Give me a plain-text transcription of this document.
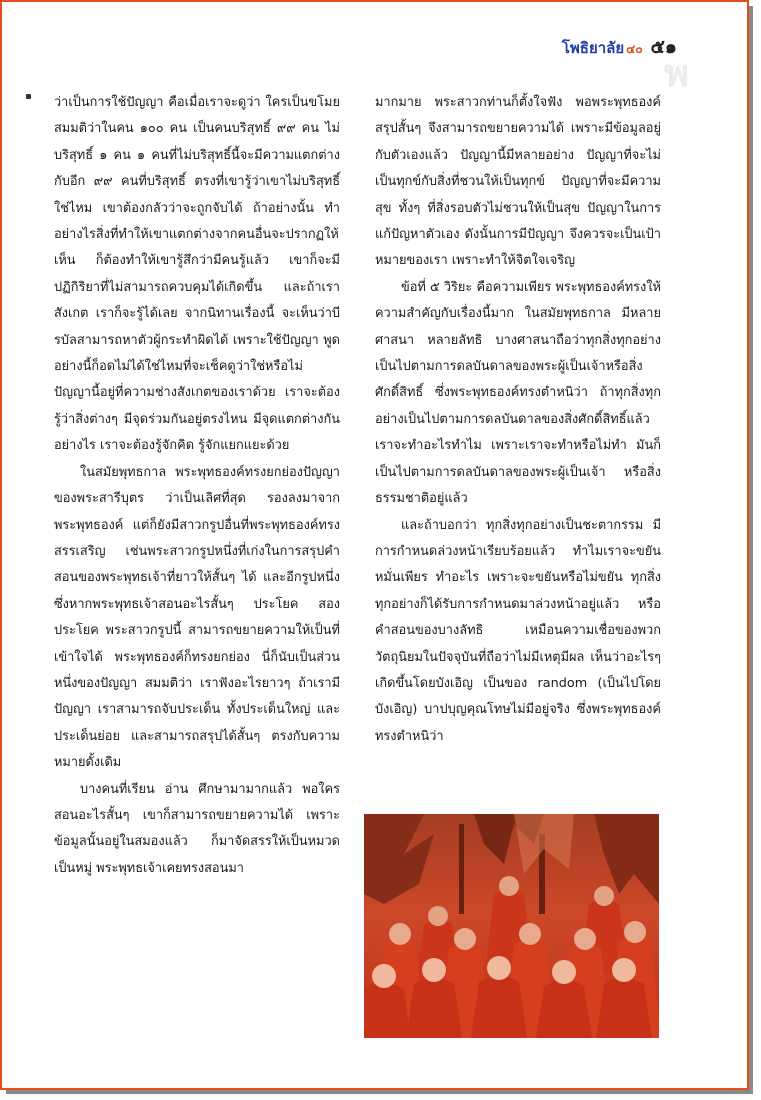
พ
โพธิยาลัย ๔๐ ๕๑

ว่าเป็นการใช้ปัญญา คือเมื่อเราจะดูว่า ใครเป็นขโมย สมมติว่าในคน ๑๐๐ คน เป็นคนบริสุทธิ์ ๙๙ คน ไม่บริสุทธิ์ ๑ คน ๑ คนที่ไม่บริสุทธิ์นี้จะมีความแตกต่างกับอีก ๙๙ คนที่บริสุทธิ์ ตรงที่เขารู้ว่าเขาไม่บริสุทธิ์ใช่ไหม เขาต้องกลัวว่าจะถูกจับได้ ถ้าอย่างนั้น ทำอย่างไรสิ่งที่ทำให้เขาแตกต่างจากคนอื่นจะปรากฏให้เห็น ก็ต้องทำให้เขารู้สึกว่ามีคนรู้แล้ว เขาก็จะมีปฏิกิริยาที่ไม่สามารถควบคุมได้เกิดขึ้น และถ้าเราสังเกต เราก็จะรู้ได้เลย จากนิทานเรื่องนี้ จะเห็นว่าบีรบัลสามารถหาตัวผู้กระทำผิดได้ เพราะใช้ปัญญา พูดอย่างนี้ก็อดไม่ได้ใช่ไหมที่จะเช็คดูว่าใช่หรือไม่ ปัญญานี้อยู่ที่ความช่างสังเกตของเราด้วย เราจะต้องรู้ว่าสิ่งต่างๆ มีจุดร่วมกันอยู่ตรงไหน มีจุดแตกต่างกันอย่างไร เราจะต้องรู้จักคิด รู้จักแยกแยะด้วย

ในสมัยพุทธกาล พระพุทธองค์ทรงยกย่องปัญญาของพระสารีบุตร ว่าเป็นเลิศที่สุด รองลงมาจากพระพุทธองค์ แต่ก็ยังมีสาวกรูปอื่นที่พระพุทธองค์ทรงสรรเสริญ เช่นพระสาวกรูปหนึ่งที่เก่งในการสรุปคำสอนของพระพุทธเจ้าที่ยาวให้สั้นๆ ได้ และอีกรูปหนึ่ง ซึ่งหากพระพุทธเจ้าสอนอะไรสั้นๆ ประโยค สองประโยค พระสาวกรูปนี้ สามารถขยายความให้เป็นที่เข้าใจได้ พระพุทธองค์ก็ทรงยกย่อง นี่ก็นับเป็นส่วนหนึ่งของปัญญา สมมติว่า เราฟังอะไรยาวๆ ถ้าเรามีปัญญา เราสามารถจับประเด็น ทั้งประเด็นใหญ่ และประเด็นย่อย และสามารถสรุปได้สั้นๆ ตรงกับความหมายดั้งเดิม

บางคนที่เรียน อ่าน ศึกษามามากแล้ว พอใครสอนอะไรสั้นๆ เขาก็สามารถขยายความได้ เพราะข้อมูลนั้นอยู่ในสมองแล้ว ก็มาจัดสรรให้เป็นหมวดเป็นหมู่ พระพุทธเจ้าเคยทรงสอนมา

มากมาย พระสาวกท่านก็ตั้งใจฟัง พอพระพุทธองค์สรุปสั้นๆ จึงสามารถขยายความได้ เพราะมีข้อมูลอยู่กับตัวเองแล้ว ปัญญานี้มีหลายอย่าง ปัญญาที่จะไม่เป็นทุกข์กับสิ่งที่ชวนให้เป็นทุกข์ ปัญญาที่จะมีความสุข ทั้งๆ ที่สิ่งรอบตัวไม่ชวนให้เป็นสุข ปัญญาในการแก้ปัญหาตัวเอง ดังนั้นการมีปัญญา จึงควรจะเป็นเป้าหมายของเรา เพราะทำให้จิตใจเจริญ

ข้อที่ ๕ วิริยะ คือความเพียร พระพุทธองค์ทรงให้ความสำคัญกับเรื่องนี้มาก ในสมัยพุทธกาล มีหลายศาสนา หลายลัทธิ บางศาสนาถือว่าทุกสิ่งทุกอย่างเป็นไปตามการดลบันดาลของพระผู้เป็นเจ้าหรือสิ่งศักดิ์สิทธิ์ ซึ่งพระพุทธองค์ทรงตำหนิว่า ถ้าทุกสิ่งทุกอย่างเป็นไปตามการดลบันดาลของสิ่งศักดิ์สิทธิ์แล้ว เราจะทำอะไรทำไม เพราะเราจะทำหรือไม่ทำ มันก็เป็นไปตามการดลบันดาลของพระผู้เป็นเจ้า หรือสิ่งธรรมชาติอยู่แล้ว

และถ้าบอกว่า ทุกสิ่งทุกอย่างเป็นชะตากรรม มีการกำหนดล่วงหน้าเรียบร้อยแล้ว ทำไมเราจะขยันหมั่นเพียร ทำอะไร เพราะจะขยันหรือไม่ขยัน ทุกสิ่งทุกอย่างก็ได้รับการกำหนดมาล่วงหน้าอยู่แล้ว หรือคำสอนของบางลัทธิ เหมือนความเชื่อของพวกวัตถุนิยมในปัจจุบันที่ถือว่าไม่มีเหตุมีผล เห็นว่าอะไรๆ เกิดขึ้นโดยบังเอิญ เป็นของ random (เป็นไปโดยบังเอิญ) บาปบุญคุณโทษไม่มีอยู่จริง ซึ่งพระพุทธองค์ทรงตำหนิว่า
